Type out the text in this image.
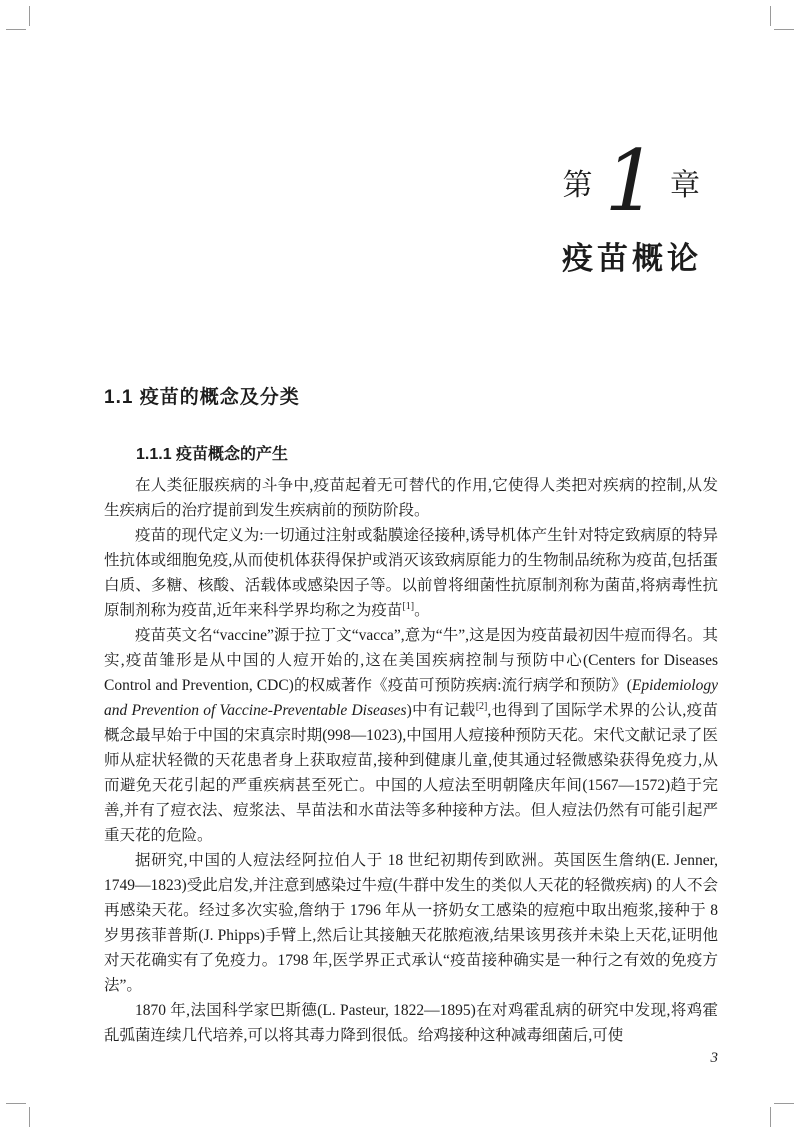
第 1 章
疫苗概论
1.1 疫苗的概念及分类
1.1.1 疫苗概念的产生

在人类征服疾病的斗争中,疫苗起着无可替代的作用,它使得人类把对疾病的控制,从发生疾病后的治疗提前到发生疾病前的预防阶段。

疫苗的现代定义为:一切通过注射或黏膜途径接种,诱导机体产生针对特定致病原的特异性抗体或细胞免疫,从而使机体获得保护或消灭该致病原能力的生物制品统称为疫苗,包括蛋白质、多糖、核酸、活载体或感染因子等。以前曾将细菌性抗原制剂称为菌苗,将病毒性抗原制剂称为疫苗,近年来科学界均称之为疫苗[1]。

疫苗英文名“vaccine”源于拉丁文“vacca”,意为“牛”,这是因为疫苗最初因牛痘而得名。其实,疫苗雏形是从中国的人痘开始的,这在美国疾病控制与预防中心(Centers for Diseases Control and Prevention, CDC)的权威著作《疫苗可预防疾病:流行病学和预防》(Epidemiology and Prevention of Vaccine-Preventable Diseases)中有记载[2],也得到了国际学术界的公认,疫苗概念最早始于中国的宋真宗时期(998—1023),中国用人痘接种预防天花。宋代文献记录了医师从症状轻微的天花患者身上获取痘苗,接种到健康儿童,使其通过轻微感染获得免疫力,从而避免天花引起的严重疾病甚至死亡。中国的人痘法至明朝隆庆年间(1567—1572)趋于完善,并有了痘衣法、痘浆法、旱苗法和水苗法等多种接种方法。但人痘法仍然有可能引起严重天花的危险。

据研究,中国的人痘法经阿拉伯人于 18 世纪初期传到欧洲。英国医生詹纳(E. Jenner, 1749—1823)受此启发,并注意到感染过牛痘(牛群中发生的类似人天花的轻微疾病) 的人不会再感染天花。经过多次实验,詹纳于 1796 年从一挤奶女工感染的痘疱中取出疱浆,接种于 8 岁男孩菲普斯(J. Phipps)手臂上,然后让其接触天花脓疱液,结果该男孩并未染上天花,证明他对天花确实有了免疫力。1798 年,医学界正式承认“疫苗接种确实是一种行之有效的免疫方法”。

1870 年,法国科学家巴斯德(L. Pasteur, 1822—1895)在对鸡霍乱病的研究中发现,将鸡霍乱弧菌连续几代培养,可以将其毒力降到很低。给鸡接种这种减毒细菌后,可使

3
